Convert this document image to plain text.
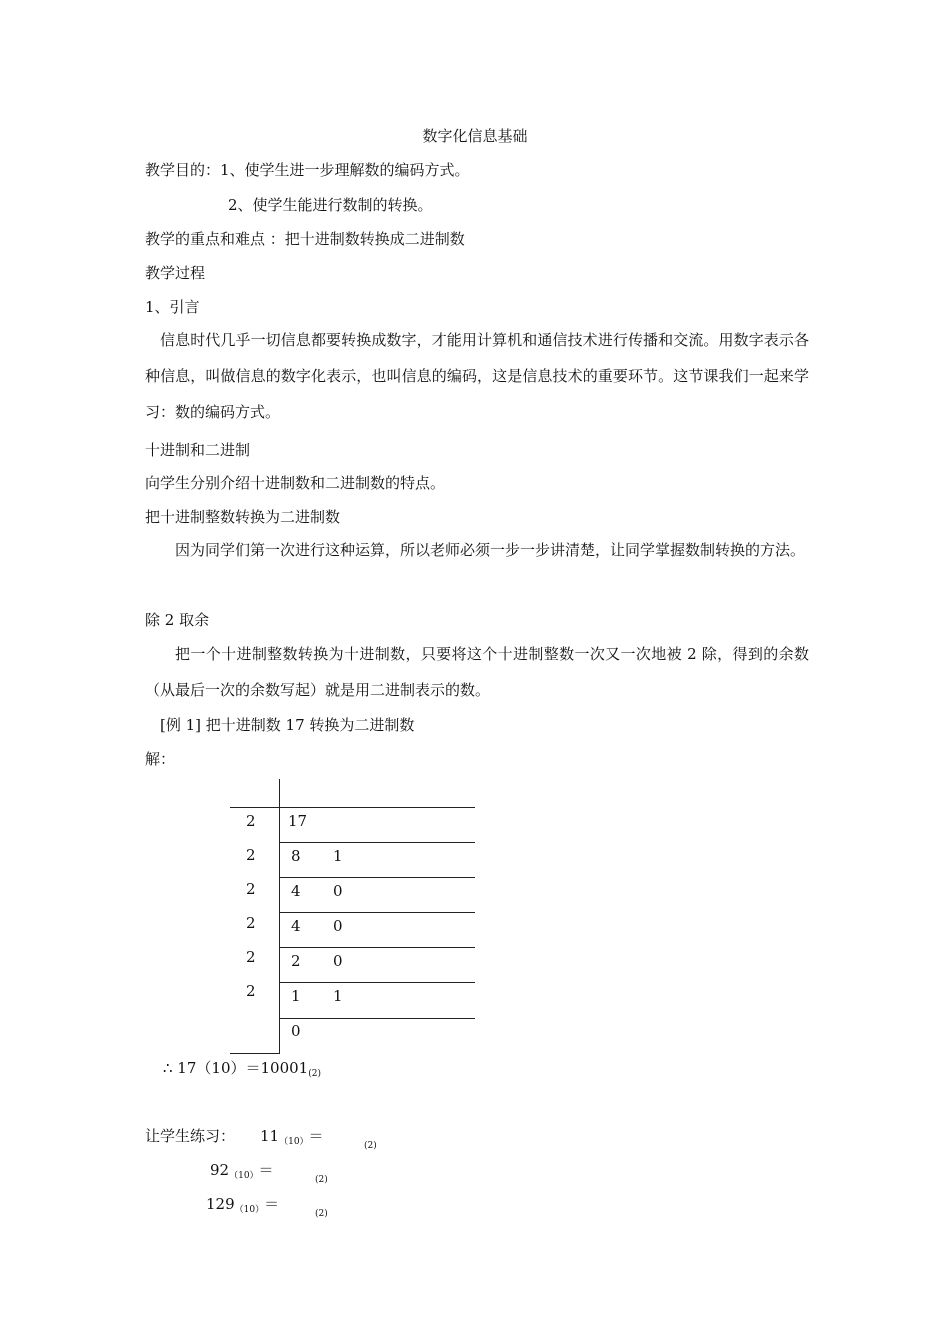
数字化信息基础
教学目的：1、使学生进一步理解数的编码方式。
2、使学生能进行数制的转换。
教学的重点和难点 ：把十进制数转换成二进制数
教学过程
1、引言
信息时代几乎一切信息都要转换成数字，才能用计算机和通信技术进行传播和交流。用数字表示各种信息，叫做信息的数字化表示，也叫信息的编码，这是信息技术的重要环节。这节课我们一起来学习：数的编码方式。
十进制和二进制
向学生分别介绍十进制数和二进制数的特点。
把十进制整数转换为二进制数
因为同学们第一次进行这种运算，所以老师必须一步一步讲清楚，让同学掌握数制转换的方法。
除 2 取余
把一个十进制整数转换为十进制数，只要将这个十进制整数一次又一次地被 2 除，得到的余数（从最后一次的余数写起）就是用二进制表示的数。
[例 1] 把十进制数 17 转换为二进制数
解：
2
2
2
2
2
2
17
8
4
4
2
1
0
1
0
0
0
1
∴ $17(10)=10001_{(2)}$
让学生练习： $11_{(10)}=$
$_{(2)}$
$92_{(10)}=$
$_{(2)}$
$129_{(10)}=$
$_{(2)}$
